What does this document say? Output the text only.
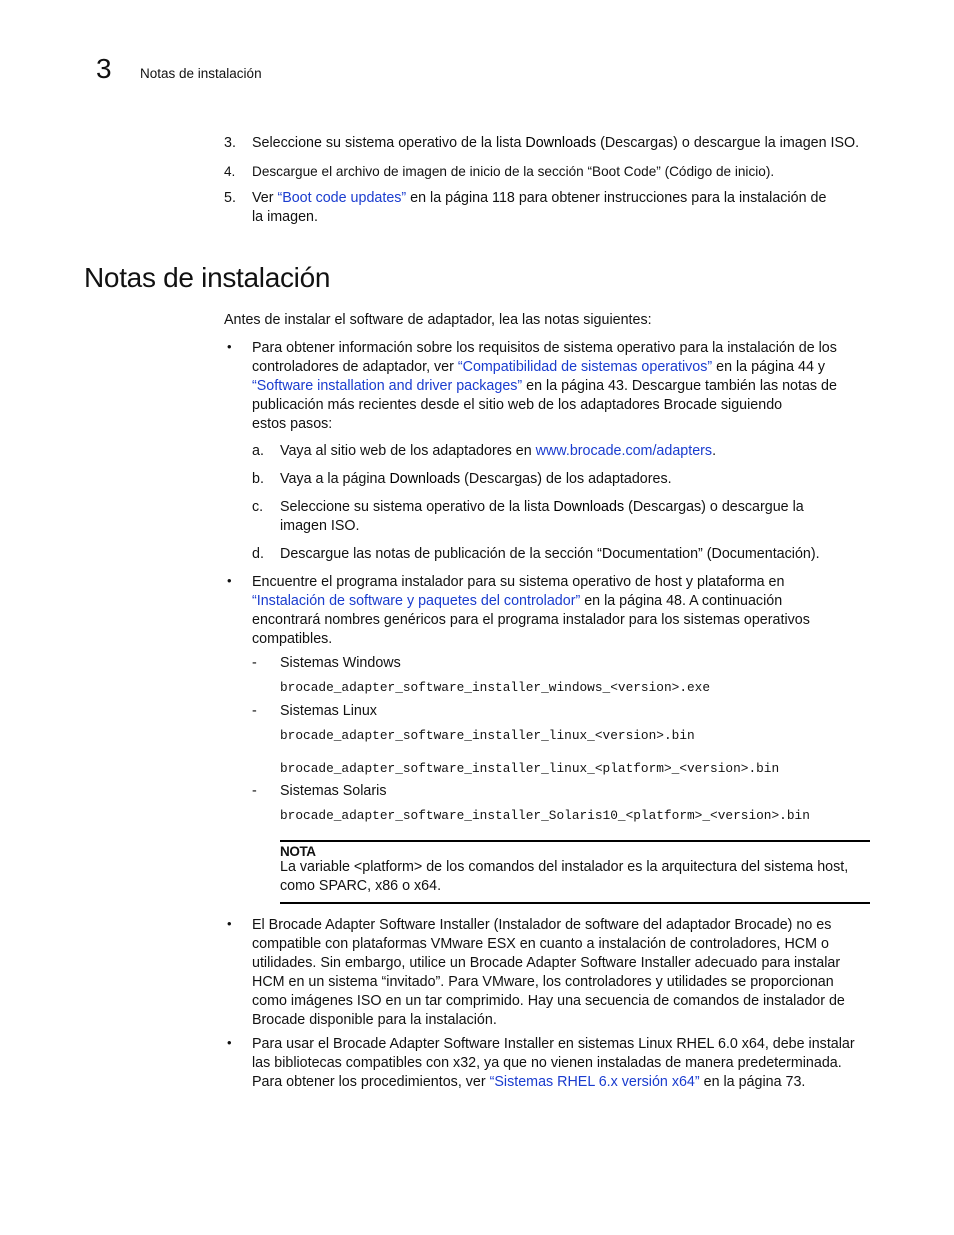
3 Notas de instalación
3.	Seleccione su sistema operativo de la lista Downloads (Descargas) o descargue la imagen ISO.
4. Descargue el archivo de imagen de inicio de la sección “Boot Code” (Código de inicio).
5. Ver “Boot code updates” en la página 118 para obtener instrucciones para la instalación de
la imagen.
Notas de instalación
Antes de instalar el software de adaptador, lea las notas siguientes:
• Para obtener información sobre los requisitos de sistema operativo para la instalación de los
controladores de adaptador, ver “Compatibilidad de sistemas operativos” en la página 44 y
“Software installation and driver packages” en la página 43. Descargue también las notas de
publicación más recientes desde el sitio web de los adaptadores Brocade siguiendo
estos pasos:
a. Vaya al sitio web de los adaptadores en www.brocade.com/adapters.
b. Vaya a la página Downloads (Descargas) de los adaptadores.
c. Seleccione su sistema operativo de la lista Downloads (Descargas) o descargue la
imagen ISO.
d. Descargue las notas de publicación de la sección “Documentation” (Documentación).
• Encuentre el programa instalador para su sistema operativo de host y plataforma en
“Instalación de software y paquetes del controlador” en la página 48. A continuación
encontrará nombres genéricos para el programa instalador para los sistemas operativos
compatibles.
- Sistemas Windows
brocade_adapter_software_installer_windows_<version>.exe
- Sistemas Linux
brocade_adapter_software_installer_linux_<version>.bin
brocade_adapter_software_installer_linux_<platform>_<version>.bin
- Sistemas Solaris
brocade_adapter_software_installer_Solaris10_<platform>_<version>.bin
NOTA
La variable <platform> de los comandos del instalador es la arquitectura del sistema host,
como SPARC, x86 o x64.
• El Brocade Adapter Software Installer (Instalador de software del adaptador Brocade) no es
compatible con plataformas VMware ESX en cuanto a instalación de controladores, HCM o
utilidades. Sin embargo, utilice un Brocade Adapter Software Installer adecuado para instalar
HCM en un sistema “invitado”. Para VMware, los controladores y utilidades se proporcionan
como imágenes ISO en un tar comprimido. Hay una secuencia de comandos de instalador de
Brocade disponible para la instalación.
• Para usar el Brocade Adapter Software Installer en sistemas Linux RHEL 6.0 x64, debe instalar
las bibliotecas compatibles con x32, ya que no vienen instaladas de manera predeterminada.
Para obtener los procedimientos, ver “Sistemas RHEL 6.x versión x64” en la página 73.
